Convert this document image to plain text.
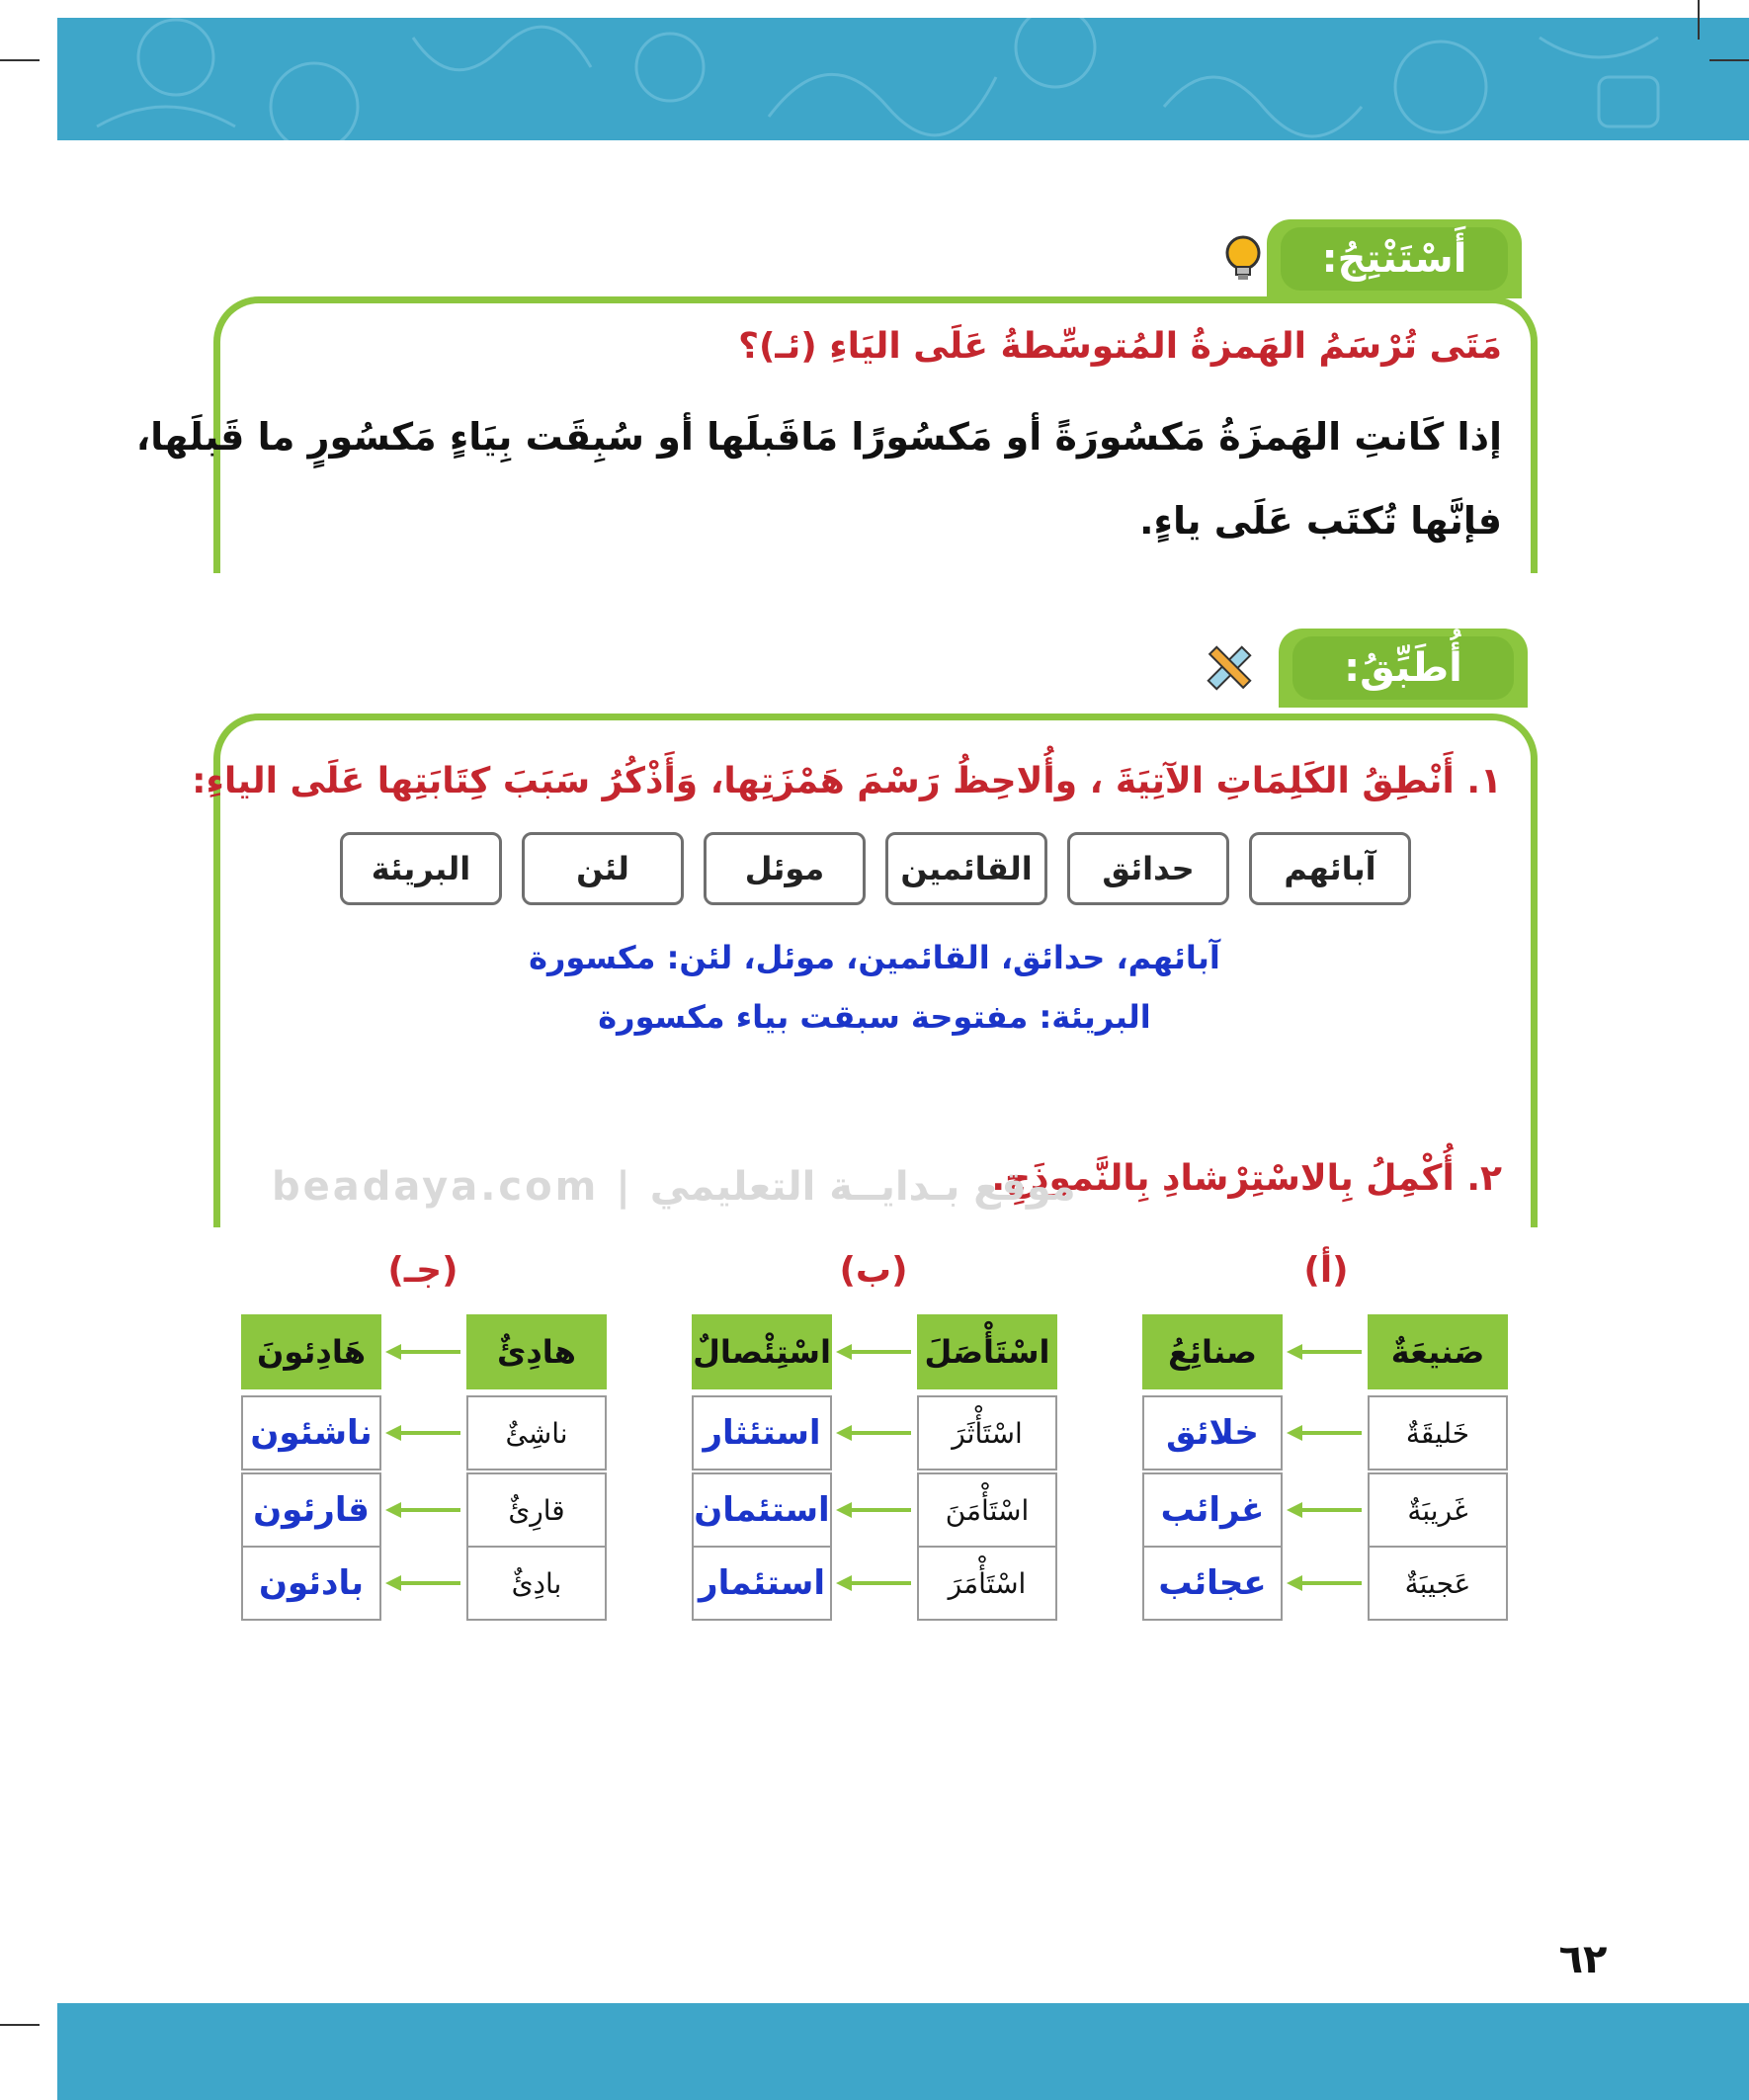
أَسْتَنْتِجُ:
مَتَى تُرْسَمُ الهَمزةُ المُتوسِّطةُ عَلَى اليَاءِ (ئـ)؟
إذا كَانتِ الهَمزَةُ مَكسُورَةً أو مَكسُورًا مَاقَبلَها أو سُبِقَت بِيَاءٍ مَكسُورٍ ما قَبلَها،
فإنَّها تُكتَب عَلَى ياءٍ.
أُطَبِّقُ:
١. أَنْطِقُ الكَلِمَاتِ الآتِيَةَ ، وأُلاحِظُ رَسْمَ هَمْزَتِها، وَأَذْكُرُ سَبَبَ كِتَابَتِها عَلَى الياءِ:
آبائهم
حدائق
القائمين
موئل
لئن
البريئة
آبائهم، حدائق، القائمين، موئل، لئن: مكسورة
البريئة: مفتوحة سبقت بياء مكسورة
٢. أُكْمِلُ بِالاسْتِرْشادِ بِالنَّموذَجِ.
beadaya.com | موقع بـدايــة التعليمي
(أ)
صَنيعَةٌ
صنائِعُ
خَليقَةٌ
خلائق
غَريبَةٌ
غرائب
عَجيبَةٌ
عجائب
(ب)
اسْتَأْصَلَ
اسْتِئْصالٌ
اسْتَأْثَرَ
استئثار
اسْتَأْمَنَ
استئمان
اسْتَأْمَرَ
استئمار
(جـ)
هادِئٌ
هَادِئونَ
ناشِئٌ
ناشئون
قارِئٌ
قارئون
بادِئٌ
بادئون
٦٢
